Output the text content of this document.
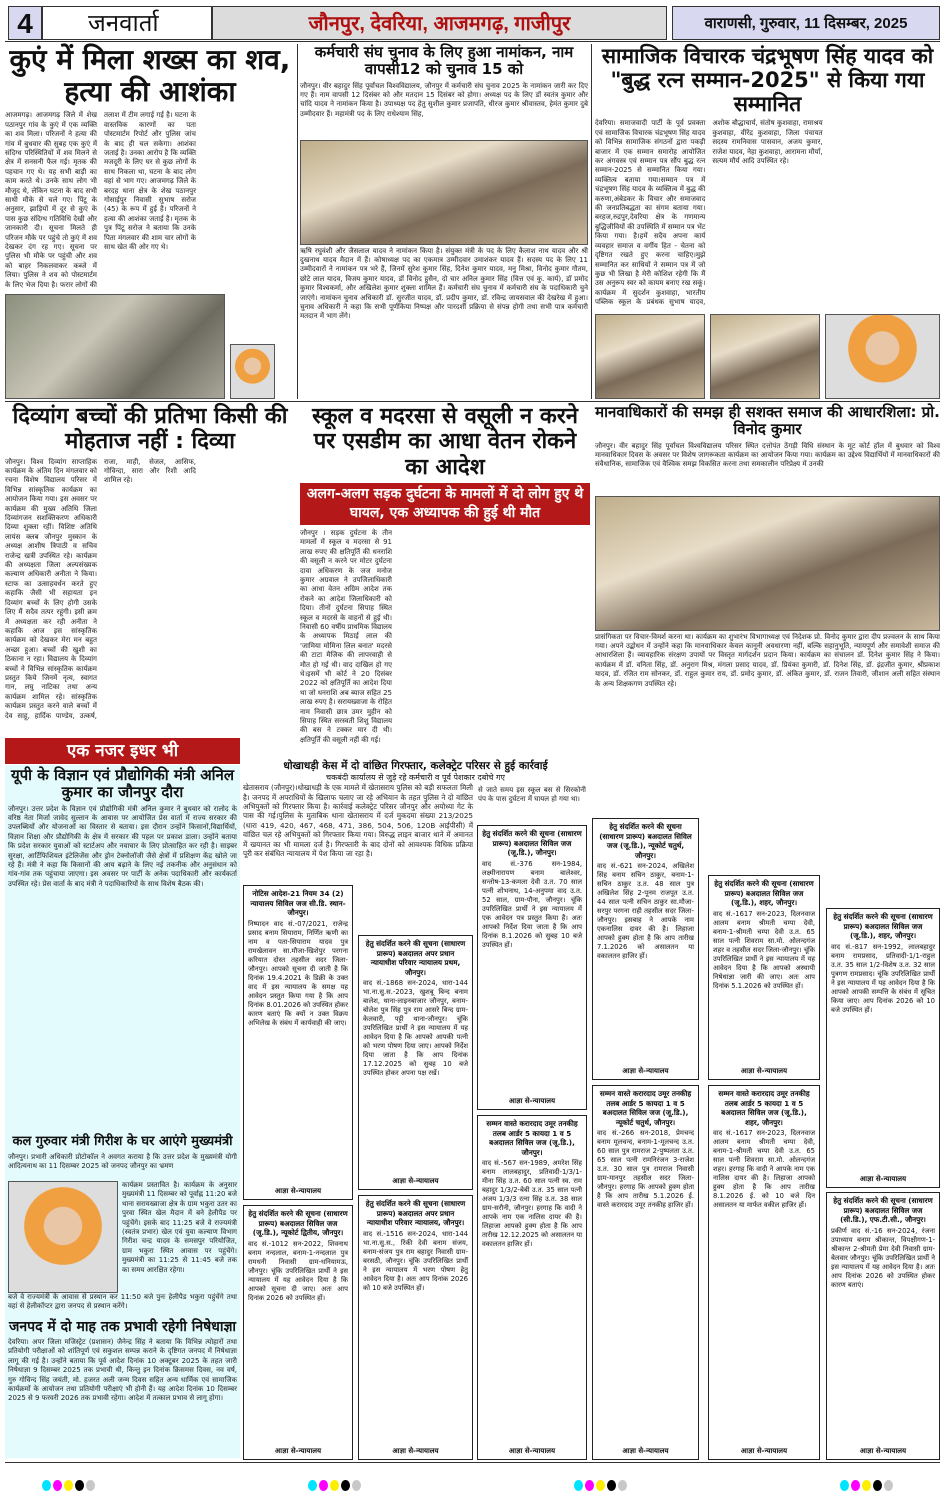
4	जनवार्ता	जौनपुर, देवरिया, आजमगढ़, गाजीपुर	वाराणसी, गुरुवार, 11 दिसम्बर, 2025
कुएं में मिला शख्स का शव, हत्या की आशंका
आजमगढ़। आजमगढ़ जिले में शेख पठानपुर गांव के कुएं में एक व्यक्ति का शव मिला। परिजनों ने हत्या की गांव में बुधवार की सुबह एक कुएं में संदिग्ध परिस्थितियों में शव मिलने से क्षेत्र में सनसनी फैल गई। मृतक की पहचान गए थे। यह सभी बाड़ी का काम करते थे। उनके साथ लोग भी मौजूद थे, लेकिन घटना के बाद सभी साथी मौके से चले गए। पिंटू के अनुसार, झाड़ियों में दूर से कुएं के पास कुछ संदिग्ध गतिविधि देखी और जानकारी दी। सूचना मिलते ही परिजन मौके पर पहुंचे तो कुएं में शव देखकर दंग रह गए। सूचना पर पुलिस भी मौके पर पहुंची और शव को बाहर निकलवाकर कब्जे में लिया। पुलिस ने शव को पोस्टमार्टम के लिए भेज दिया है। फरार लोगों की तलाश में टीम लगाई गई है। घटना के वास्तविक कारणों का पता पोस्टमार्टम रिपोर्ट और पुलिस जांच के बाद ही चल सकेगा। आशंका जताई है। उनका आरोप है कि व्यक्ति मजदूरी के लिए घर से कुछ लोगों के साथ निकला था, घटना के बाद लोग वहां से भाग गए। आजमगढ़ जिले के बरदह थाना क्षेत्र के शेख पठानपुर गोसाईपुर निवासी सुभाष सरोज (45) के रूप में हुई है। परिजनों ने हत्या की आशंका जताई है। मृतक के पुत्र पिंटू सरोज ने बताया कि उनके पिता मंगलवार की शाम चार लोगों के साथ खेत की ओर गए थे।
कर्मचारी संघ चुनाव के लिए हुआ नामांकन, नाम वापसी12 को चुनाव 15 को
जौनपुर। वीर बहादुर सिंह पूर्वांचल विश्वविद्यालय, जौनपुर में कर्मचारी संघ चुनाव 2025 के नामांकन जारी कर दिए गए हैं। नाम वापसी 12 दिसंबर को और मतदान 15 दिसंबर को होगा। अध्यक्ष पद के लिए डॉ स्वतंत्र कुमार और चांदि यादव ने नामांकन किया है। उपाध्यक्ष पद हेतु सुशील कुमार प्रजापति, धीरज कुमार श्रीवास्तव, हेमंत कुमार दुबे उम्मीदवार हैं। महामंत्री पद के लिए राधेश्याम सिंह,
ऋषि रघुवंशी और जैसलाल यादव ने नामांकन किया है। संयुक्त मंत्री के पद के लिए कैलाश नाथ यादव और श्री दुखनाथ यादव मैदान में हैं। कोषाध्यक्ष पद का एकमात्र उम्मीदवार उमाशंकर यादव हैं। सदस्य पद के लिए 11 उम्मीदवारों ने नामांकन पत्र भरे हैं, जिनमें सुरेश कुमार सिंह, दिनेश कुमार यादव, मनु मिश्रा, विनोद कुमार गौतम, छोटे लाल यादव, विजय कुमार यादव, डॉ विनोद हुसैन, दो चार अनिल कुमार सिंह (वित्त एवं कु. कार्य), डॉ प्रमोद कुमार विश्वकर्मा, और अखिलेश कुमार शुक्ला शामिल हैं। कर्मचारी संघ चुनाव में कर्मचारी संघ के पदाधिकारी चुने जाएंगे। नामांकन चुनाव अधिकारी डॉ. सुरजीत यादव, डॉ. प्रदीप कुमार, डॉ. रविन्द्र जायसवाल की देखरेख में हुआ। चुनाव अधिकारी ने कहा कि सभी पूर्णकिया निष्पक्ष और पारदर्शी प्रक्रिया से संपन्न होगी तथा सभी पात्र कर्मचारी मतदान में भाग लेंगे।
सामाजिक विचारक चंद्रभूषण सिंह यादव को "बुद्ध रत्न सम्मान-2025" से किया गया सम्मानित
देवरिया। समाजवादी पार्टी के पूर्व प्रवक्ता एवं सामाजिक विचारक चंद्रभूषण सिंह यादव को विभिन्न सामाजिक संगठनों द्वारा पकड़ी बाजार में एक सम्मान समारोह आयोजित कर अंगवस्त्र एवं सम्मान पत्र सौंप बुद्ध रत्न सम्मान-2025 से सम्मानित किया गया। व्यक्तित्व बताया गया।सम्मान पत्र में चंद्रभूषण सिंह यादव के व्यक्तित्व में बुद्ध की करुणा,अंबेडकर के विचार और समाजवाद की जनप्रतिबद्धता का संगम बताया गया। बरहज,रुद्रपुर,देवरिया क्षेत्र के गणमान्य बुद्धिजीवियों की उपस्थिति में सम्मान पत्र भेंट किया गया। है।हमें सदैव अपना कार्य व्यवहार समाज व वर्गीय हित - चेतना को दृष्टिगत रखते हुए करना चाहिए।मुझे सम्मानित कर साथियों ने सम्मान पत्र में जो कुछ भी लिखा है मेरी कोशिश रहेगी कि मैं उस अनुरूप स्वर को कायम बनाए रख सकूं। कार्यक्रम में सुदर्शन कुशवाहा, भारतीय पब्लिक स्कूल के प्रबंधक सुभाष यादव, अशोक बौद्धाचार्य, संतोष कुशवाहा, रामाश्रय कुशवाहा, वीरेंद्र कुशवाहा, जिला पंचायत सदस्य रामनिवास पासवान, अजय कुमार, राजेश यादव, नेहा कुशवाहा, आरामना मौर्या, सत्यम मौर्य आदि उपस्थित रहे।
दिव्यांग बच्चों की प्रतिभा किसी की मोहताज नहीं : दिव्या
जौनपुर। विश्व दिव्यांग साप्ताहिक कार्यक्रम के अंतिम दिन मंगलवार को रचना विशेष विद्यालय परिसर में विभिन्न सांस्कृतिक कार्यक्रम का आयोजन किया गया। इस अवसर पर कार्यक्रम की मुख्य अतिथि जिला दिव्यांगजन सशक्तिकरण अधिकारी दिव्या शुक्ला रहीं। विशिष्ट अतिथि लायंस क्लब जौनपुर मुस्कान के अध्यक्ष आशीष त्रिपाठी व सचिव राजेन्द्र खत्री उपस्थित रहे। कार्यक्रम की अध्यक्षता जिला अल्पसंख्यक कल्याण अधिकारी अनीता ने किया। स्टाफ का उत्साहवर्धन करते हुए कहाकि जैसी भी सहायता इन दिव्यांग बच्चों के लिए होगी उसके लिए मैं सदैव तत्पर रहूंगी। इसी क्रम में अध्यक्षता कर रही अनीता ने कहाकि आज इस सांस्कृतिक कार्यक्रम को देखकर मेरा मन बहुत अच्छा हुआ। बच्चों की खुशी का ठिकाना न रहा। विद्यालय के दिव्यांग बच्चों ने विभिन्न सांस्कृतिक कार्यक्रम प्रस्तुत किये जिनमें नृत्य, स्वागत गान, लघु नाटिका तथा अन्य कार्यक्रम शामिल रहे। सांस्कृतिक कार्यक्रम प्रस्तुत करने वाले बच्चों में देव साहू, हार्दिक पाण्डेय, उत्कर्ष, राजा, माही, सेजल, आसिफ, गोविन्दा, सारा और रिशी आदि शामिल रहे।
स्कूल व मदरसा से वसूली न करने पर एसडीम का आधा वेतन रोकने का आदेश
अलग-अलग सड़क दुर्घटना के मामलों में दो लोग हुए थे घायल, एक अध्यापक की हुई थी मौत
जौनपुर । सड़क दुर्घटना के तीन मामलों में स्कूल व मदरसा से 91 लाख रुपए की क्षतिपूर्ति की धनराशि की वसूली न करने पर मोटर दुर्घटना दावा अधिकरण के जज मनोज कुमार अग्रवाल ने उपजिलाधिकारी का आधा वेतन अग्रिम आदेश तक रोकने का आदेश जिलाधिकारी को दिया। तीनों दुर्घटना सिपाह स्थित स्कूल व मदरसे के वाहनों से हुई थी। निवासी 60 वर्षीय प्राथमिक विद्यालय के अध्यापक मिठाई लाल की 'जामिया मोमिना लिल बनात' मदरसे की टाटा मैजिक की लापरवाही से मौत हो गई थी। वाद दाखिल हो गए थे।इसमें भी कोर्ट ने 20 दिसंबर 2022 को क्षतिपूर्ति का आदेश दिया था जो धनराशि अब ब्याज सहित 25 लाख रुपए है। सरायख्वाजा के रोहित नाम निवासी छात्र उमर मुहीन को सिपाह स्थित सरस्वती शिशु विद्यालय की बस ने टक्कर मार दी थी। क्षतिपूर्ति की वसूली नहीं की गई।
मानवाधिकारों की समझ ही सशक्त समाज की आधारशिला: प्रो. विनोद कुमार
जौनपुर। वीर बहादुर सिंह पूर्वांचल विश्वविद्यालय परिसर स्थित दत्तोपंत ठेंगड़ी विधि संस्थान के मूट कोर्ट हॉल में बुधवार को विश्व मानवाधिकार दिवस के अवसर पर विशेष जागरूकता कार्यक्रम का आयोजन किया गया। कार्यक्रम का उद्देश्य विद्यार्थियों में मानवाधिकारों की संवैधानिक, सामाजिक एवं वैश्विक समझ विकसित करना तथा समकालीन परिप्रेक्ष्य में उनकी
प्रासंगिकता पर विचार-विमर्श करना था। कार्यक्रम का शुभारंभ विभागाध्यक्ष एवं निदेशक प्रो. विनोद कुमार द्वारा दीप प्रज्वलन के साथ किया गया। अपने उद्बोधन में उन्होंने कहा कि मानवाधिकार केवल कानूनी अवधारणा नहीं, बल्कि सहानुभूति, न्यायपूर्ण और समावेशी समाज की आधारशिला हैं। व्यावहारिक संरक्षण उपायों पर विस्तृत मार्गदर्शन प्रदान किया। कार्यक्रम का संचालन डॉ. दिनेश कुमार सिंह ने किया। कार्यक्रम में डॉ. वनिता सिंह, डॉ. अनुराग मिश्र, मंगला प्रसाद यादव, डॉ. प्रियंका कुमारी, डॉ. दिनेश सिंह, डॉ. इंद्रजीत कुमार, श्रीप्रकाश यादव, डॉ. रजित राम सोनकर, डॉ. राहुल कुमार राय, डॉ. प्रमोद कुमार, डॉ. अंकित कुमार, डॉ. राजन तिवारी, जीशान अली सहित संस्थान के अन्य शिक्षकगण उपस्थित रहे।
एक नजर इधर भी
यूपी के विज्ञान एवं प्रौद्योगिकी मंत्री अनिल कुमार का जौनपुर दौरा
जौनपुर। उत्तर प्रदेश के विज्ञान एवं प्रौद्योगिकी मंत्री अनिल कुमार ने बुधवार को रालोद के वरिष्ठ नेता मिर्जा जावेद सुल्तान के आवास पर आयोजित प्रेस वार्ता में राज्य सरकार की उपलब्धियों और योजनाओं का विस्तार से बताया। इस दौरान उन्होंने किसानों,विद्यार्थियों, विज्ञान शिक्षा और प्रौद्योगिकी के क्षेत्र में सरकार की पहल पर प्रकाश डाला। उन्होंने बताया कि प्रदेश सरकार युवाओं को स्टार्टअप और नवाचार के लिए प्रोत्साहित कर रही है। साइबर सुरक्षा, आर्टिफिशियल इंटेलिजेंस और ड्रोन टेक्नोलॉजी जैसे क्षेत्रों में प्रशिक्षण केंद्र खोले जा रहे हैं। मंत्री ने कहा कि किसानों की आय बढ़ाने के लिए नई तकनीक और अनुसंधान को गांव-गांव तक पहुंचाया जाएगा। इस अवसर पर पार्टी के अनेक पदाधिकारी और कार्यकर्ता उपस्थित रहे। प्रेस वार्ता के बाद मंत्री ने पदाधिकारियों के साथ विशेष बैठक की।
कल गुरुवार मंत्री गिरीश के घर आएंगे मुख्यमंत्री
जौनपुर। प्रभारी अधिकारी प्रोटोकॉल ने अवगत कराया है कि उत्तर प्रदेश के मुख्यमंत्री योगी आदित्यनाथ का 11 दिसम्बर 2025 को जनपद जौनपुर का भ्रमण
कार्यक्रम प्रस्तावित है। कार्यक्रम के अनुसार मुख्यमंत्री 11 दिसम्बर को पूर्वाह्न 11:20 बजे थाना सरायख्वाजा क्षेत्र के ग्राम भकुरा उतर का पुरवा स्थित खेल मैदान में बने हेलीपैड पर पहुंचेंगे। इसके बाद 11:25 बजे वे राज्यमंत्री (स्वतंत्र प्रभार) खेल एवं युवा कल्याण विभाग गिरीश चन्द्र यादव के समसपुर परियोजित, ग्राम भकुरा स्थित आवास पर पहुंचेंगे। मुख्यमंत्री का 11:25 से 11:45 बजे तक का समय आरक्षित रहेगा।
बजे वे राज्यमंत्री के आवास से प्रस्थान कर 11:50 बजे पुनः हेलीपैड भकुरा पहुंचेंगे तथा वहां से हेलीकॉप्टर द्वारा जनपद से प्रस्थान करेंगे।
जनपद में दो माह तक प्रभावी रहेगी निषेधाज्ञा
देवरिया। अपर जिला मजिस्ट्रेट (प्रशासन) जैनेन्द्र सिंह ने बताया कि विभिन्न त्योहारों तथा प्रतियोगी परीक्षाओं को शांतिपूर्ण एवं सकुशल सम्पन्न कराने के दृष्टिगत जनपद में निषेधाज्ञा लागू की गई है। उन्होंने बताया कि पूर्व आदेश दिनांक 10 अक्टूबर 2025 के तहत जारी निषेधाज्ञा 9 दिसम्बर 2025 तक प्रभावी थी, किन्तु इन दिनांक क्रिसमस दिवस, नव वर्ष, गुरु गोविन्द सिंह जयंती, मो. हजरत अली जन्म दिवस सहित अन्य धार्मिक एवं सामाजिक कार्यक्रमों के आयोजन तथा प्रतियोगी परीक्षाएं भी होनी हैं। यह आदेश दिनांक 10 दिसम्बर 2025 से 9 फरवरी 2026 तक प्रभावी रहेगा। आदेश में तत्काल प्रभाव से लागू होगा।
धोखाधड़ी केस में दो वांछित गिरफ्तार, कलेक्ट्रेट परिसर से हुई कार्रवाई
चकबंदी कार्यालय से जुड़े रहे कर्मचारी व पूर्व पेशकार दबोचे गए
खेतासराय (जौनपुर)।धोखाधड़ी के एक मामले में खेतासराय पुलिस को बड़ी सफलता मिली है। जनपद में अपराधियों के खिलाफ चलाए जा रहे अभियान के तहत पुलिस ने दो वांछित अभियुक्तों को गिरफ्तार किया है। कार्रवाई कलेक्ट्रेट परिसर जौनपुर और अयोध्या गेट के पास की गई।पुलिस के मुताबिक थाना खेतासराय में दर्ज मुकदमा संख्या 213/2025 (धारा 419, 420, 467, 468, 471, 386, 504, 506, 120B आईपीसी) में वांछित चल रहे अभियुक्तों को गिरफ्तार किया गया। विरुद्ध लाइन बाजार थाने में अमानत में खयानत का भी मामला दर्ज है। गिरफ्तारी के बाद दोनों को आवश्यक विधिक प्रक्रिया पूरी कर संबंधित न्यायालय में पेश किया जा रहा है।
से जाते समय इस स्कूल बस से सिरकोनी पंप के पास दुर्घटना में घायल हो गया था।
नोटिस आदेश-21 नियम 34 (2) न्यायालय सिविल जज सी.डि. स्थान- जौनपुर।
निष्पादन वाद सं.-07/2021, राजेन्द्र प्रसाद बनाम सियाराम, निर्णित ऋणी का नाम व पता-सियाराम यादव पुत्र रामखेलावन सा.मौजा-खिशेपुर परगना करियात दोस्त तहसील सदर जिला-जौनपुर। आपको सूचना दी जाती है कि दिनांक 19.4.2021 के डिक्री के उक्त वाद में इस न्यायालय के समक्ष यह आवेदन प्रस्तुत किया गया है कि आप दिनांक 8.01.2026 को उपस्थित होकर कारण बताएं कि क्यों न उक्त विक्रय अभिलेख के संबंध में कार्यवाही की जाए।
आज्ञा से-न्यायालय
हेतु संदर्शित करने की सूचना (साधारण प्रारूप) बअदालत अपर प्रधान न्यायाधीश परिवार न्यायालय प्रथम, जौनपुर।
वाद सं.-1868 सन-2024, धारा-144 भा.ना.सु.स.-2023, खुशबू बिन्द बनाम बालेश, थाना-लाइनबाजार जौनपुर, बनाम-बोलेश पुत्र सिंह पुत्र राम आसरे बिन्द ग्राम-केलवारी, पट्टी थाना-जौनपुर। चूंकि उपरिलिखित प्रार्थी ने इस न्यायालय में यह आवेदन दिया है कि आपको आपकी पत्नी को भरण पोषण दिया जाए। आपको निर्देश दिया जाता है कि आप दिनांक 17.12.2025 को सुबह 10 बजे उपस्थित होकर अपना पक्ष रखें।
आज्ञा से-न्यायालय
हेतु संदर्शित करने की सूचना (साधारण प्रारूप) बअदालत सिविल जज (जू.डि.), जौनपुर।
वाद सं.-376 सन-1984, लक्ष्मीनारायण बनाम बालेश्वर, सन्तोष-13-कमला देवी उ.त. 70 साल पत्नी शोभनाथ, 14-अनुपमा वाद उ.त. 52 साल, ग्राम-पौना, जौनपुर। चूंकि उपरिलिखित प्रार्थी ने इस न्यायालय में एक आवेदन पत्र प्रस्तुत किया है। अतः आपको निर्देश दिया जाता है कि आप दिनांक 8.1.2026 को सुबह 10 बजे उपस्थित हों।
आज्ञा से-न्यायालय
हेतु संदर्शित करने की सूचना (साधारण प्रारूप) बअदालत सिविल जज (जू.डि.), न्यूकोर्ट चतुर्थ, जौनपुर।
वाद सं.-621 सन-2024, अखिलेश सिंह बनाम सचिन ठाकुर, बनाम-1-सचिन ठाकुर उ.त. 48 साल पुत्र अखिलेश सिंह 2-पूनम राजपूत उ.त. 44 साल पत्नी सचिन ठाकुर सा.मौजा-सरपुर परगना राही तहसील सदर जिला-जौनपुर। इसबाह ने आपके नाम एकनालिस दावर की है। लिहाजा आपको हुक्म होता है कि आप तारीख 7.1.2026 को असालतन या वकालतन हाजिर हों।
आज्ञा से-न्यायालय
हेतु संदर्शित करने की सूचना (साधारण प्रारूप) बअदालत सिविल जज (जू.डि.), शहर, जौनपुर।
वाद सं.-1617 सन-2023, दिलनवाज आलम बनाम श्रीमती चम्पा देवी, बनाम-1-श्रीमती चम्पा देवी उ.त. 65 साल पत्नी शिवराम सा.मो. ओलन्दगंज शहर व तहसील सदर जिला-जौनपुर। चूंकि उपरिलिखित प्रार्थी ने इस न्यायालय में यह आवेदन दिया है कि आपको अस्थायी निषेधाज्ञा जारी की जाए। अतः आप दिनांक 5.1.2026 को उपस्थित हों।
आज्ञा से-न्यायालय
हेतु संदर्शित करने की सूचना (साधारण प्रारूप) बअदालत सिविल जज (जू.डि.), शहर, जौनपुर।
वाद सं.-817 सन-1992, लालबहादुर बनाम रामप्रसाद, प्रतिवादी-1/1-राहुल उ.त. 35 साल 1/2-विशेष उ.त. 32 साल पुत्रगण रामप्रसाद। चूंकि उपरिलिखित प्रार्थी ने इस न्यायालय में यह आवेदन दिया है कि आपको आपकी सम्पत्ति के संबंध में सूचित किया जाए। आप दिनांक 2026 को 10 बजे उपस्थित हों।
आज्ञा से-न्यायालय
सम्मन वास्ते करारदाद उमूर तनकीह तलब आर्डर 5 कायदा 1 व 5 बअदालत सिविल जज (जू.डि.), जौनपुर।
वाद सं.-567 सन-1989, अमरेश सिंह बनाम लालबहादुर, प्रतिवादी-1/3/1-मीना सिंह उ.त. 60 साल पत्नी स्व. राम बहादुर 1/3/2-बेबी उ.त. 35 साल पत्नी अजय 1/3/3 रत्ना सिंह उ.त. 38 साल ग्राम-सरौनी, जौनपुर। हरगाह कि वादी ने आपके नाम एक नालिस दायर की है। लिहाजा आपको हुक्म होता है कि आप तारीख 12.12.2025 को असालतन या वकालतन हाजिर हों।
आज्ञा से-न्यायालय
सम्मन वास्ते करारदाद उमूर तनकीह तलब आर्डर 5 कायदा 1 व 5 बअदालत सिविल जज (जू.डि.), न्यूकोर्ट चतुर्थ, जौनपुर।
वाद सं.-266 सन-2018, प्रेमचन्द बनाम मूलचन्द, बनाम-1-मूलचन्द उ.त. 60 साल पुत्र रामराज 2-पुष्पलता उ.त. 65 साल पत्नी रामनिरंजन 3-राजेश उ.त. 30 साल पुत्र रामराज निवासी ग्राम-मानपुर तहसील सदर जिला-जौनपुर। हरगाह कि आपको हुक्म होता है कि आप तारीख 5.1.2026 ई. वास्ते करारदाद उमूर तनकीह हाजिर हों।
आज्ञा से-न्यायालय
सम्मन वास्ते करारदाद उमूर तनकीह तलब आर्डर 5 कायदा 1 व 5 बअदालत सिविल जज (जू.डि.), शहर, जौनपुर।
वाद सं.-1617 सन-2023, दिलनवाज आलम बनाम श्रीमती चम्पा देवी, बनाम-1-श्रीमती चम्पा देवी उ.त. 65 साल पत्नी शिवराम सा.मो. ओलन्दगंज शहर। हरगाह कि वादी ने आपके नाम एक नालिस दायर की है। लिहाजा आपको हुक्म होता है कि आप तारीख 8.1.2026 ई. को 10 बजे दिन असालतन या मार्फत वकील हाजिर हों।
आज्ञा से-न्यायालय
हेतु संदर्शित करने की सूचना (साधारण प्रारूप) बअदालत सिविल जज (सी.डि.), एफ.टी.सी., जौनपुर।
प्रकीर्ण वाद सं.-16 सन-2024, रंजना उपाध्याय बनाम श्रीकान्त, विपक्षीगण-1-श्रीकान्त 2-श्रीमती प्रेमा देवी निवासी ग्राम-बेलवार जौनपुर। चूंकि उपरिलिखित प्रार्थी ने इस न्यायालय में यह आवेदन दिया है। अतः आप दिनांक 2026 को उपस्थित होकर कारण बताएं।
आज्ञा से-न्यायालय
हेतु संदर्शित करने की सूचना (साधारण प्रारूप) बअदालत अपर प्रधान न्यायाधीश परिवार न्यायालय, जौनपुर।
वाद सं.-1516 सन-2024, धारा-144 भा.ना.सु.स., रिंकी देवी बनाम संजय, बनाम-संजय पुत्र राम बहादुर निवासी ग्राम-बरसठी, जौनपुर। चूंकि उपरिलिखित प्रार्थी ने इस न्यायालय में भरण पोषण हेतु आवेदन दिया है। अतः आप दिनांक 2026 को 10 बजे उपस्थित हों।
आज्ञा से-न्यायालय
हेतु संदर्शित करने की सूचना (साधारण प्रारूप) बअदालत सिविल जज (जू.डि.), न्यूकोर्ट द्वितीय, जौनपुर।
वाद सं.-1012 सन-2022, शिवनाथ बनाम नन्दलाल, बनाम-1-नन्दलाल पुत्र रामधनी निवासी ग्राम-धनियामऊ, जौनपुर। चूंकि उपरिलिखित प्रार्थी ने इस न्यायालय में यह आवेदन दिया है कि आपको सूचना दी जाए। अतः आप दिनांक 2026 को उपस्थित हों।
आज्ञा से-न्यायालय
